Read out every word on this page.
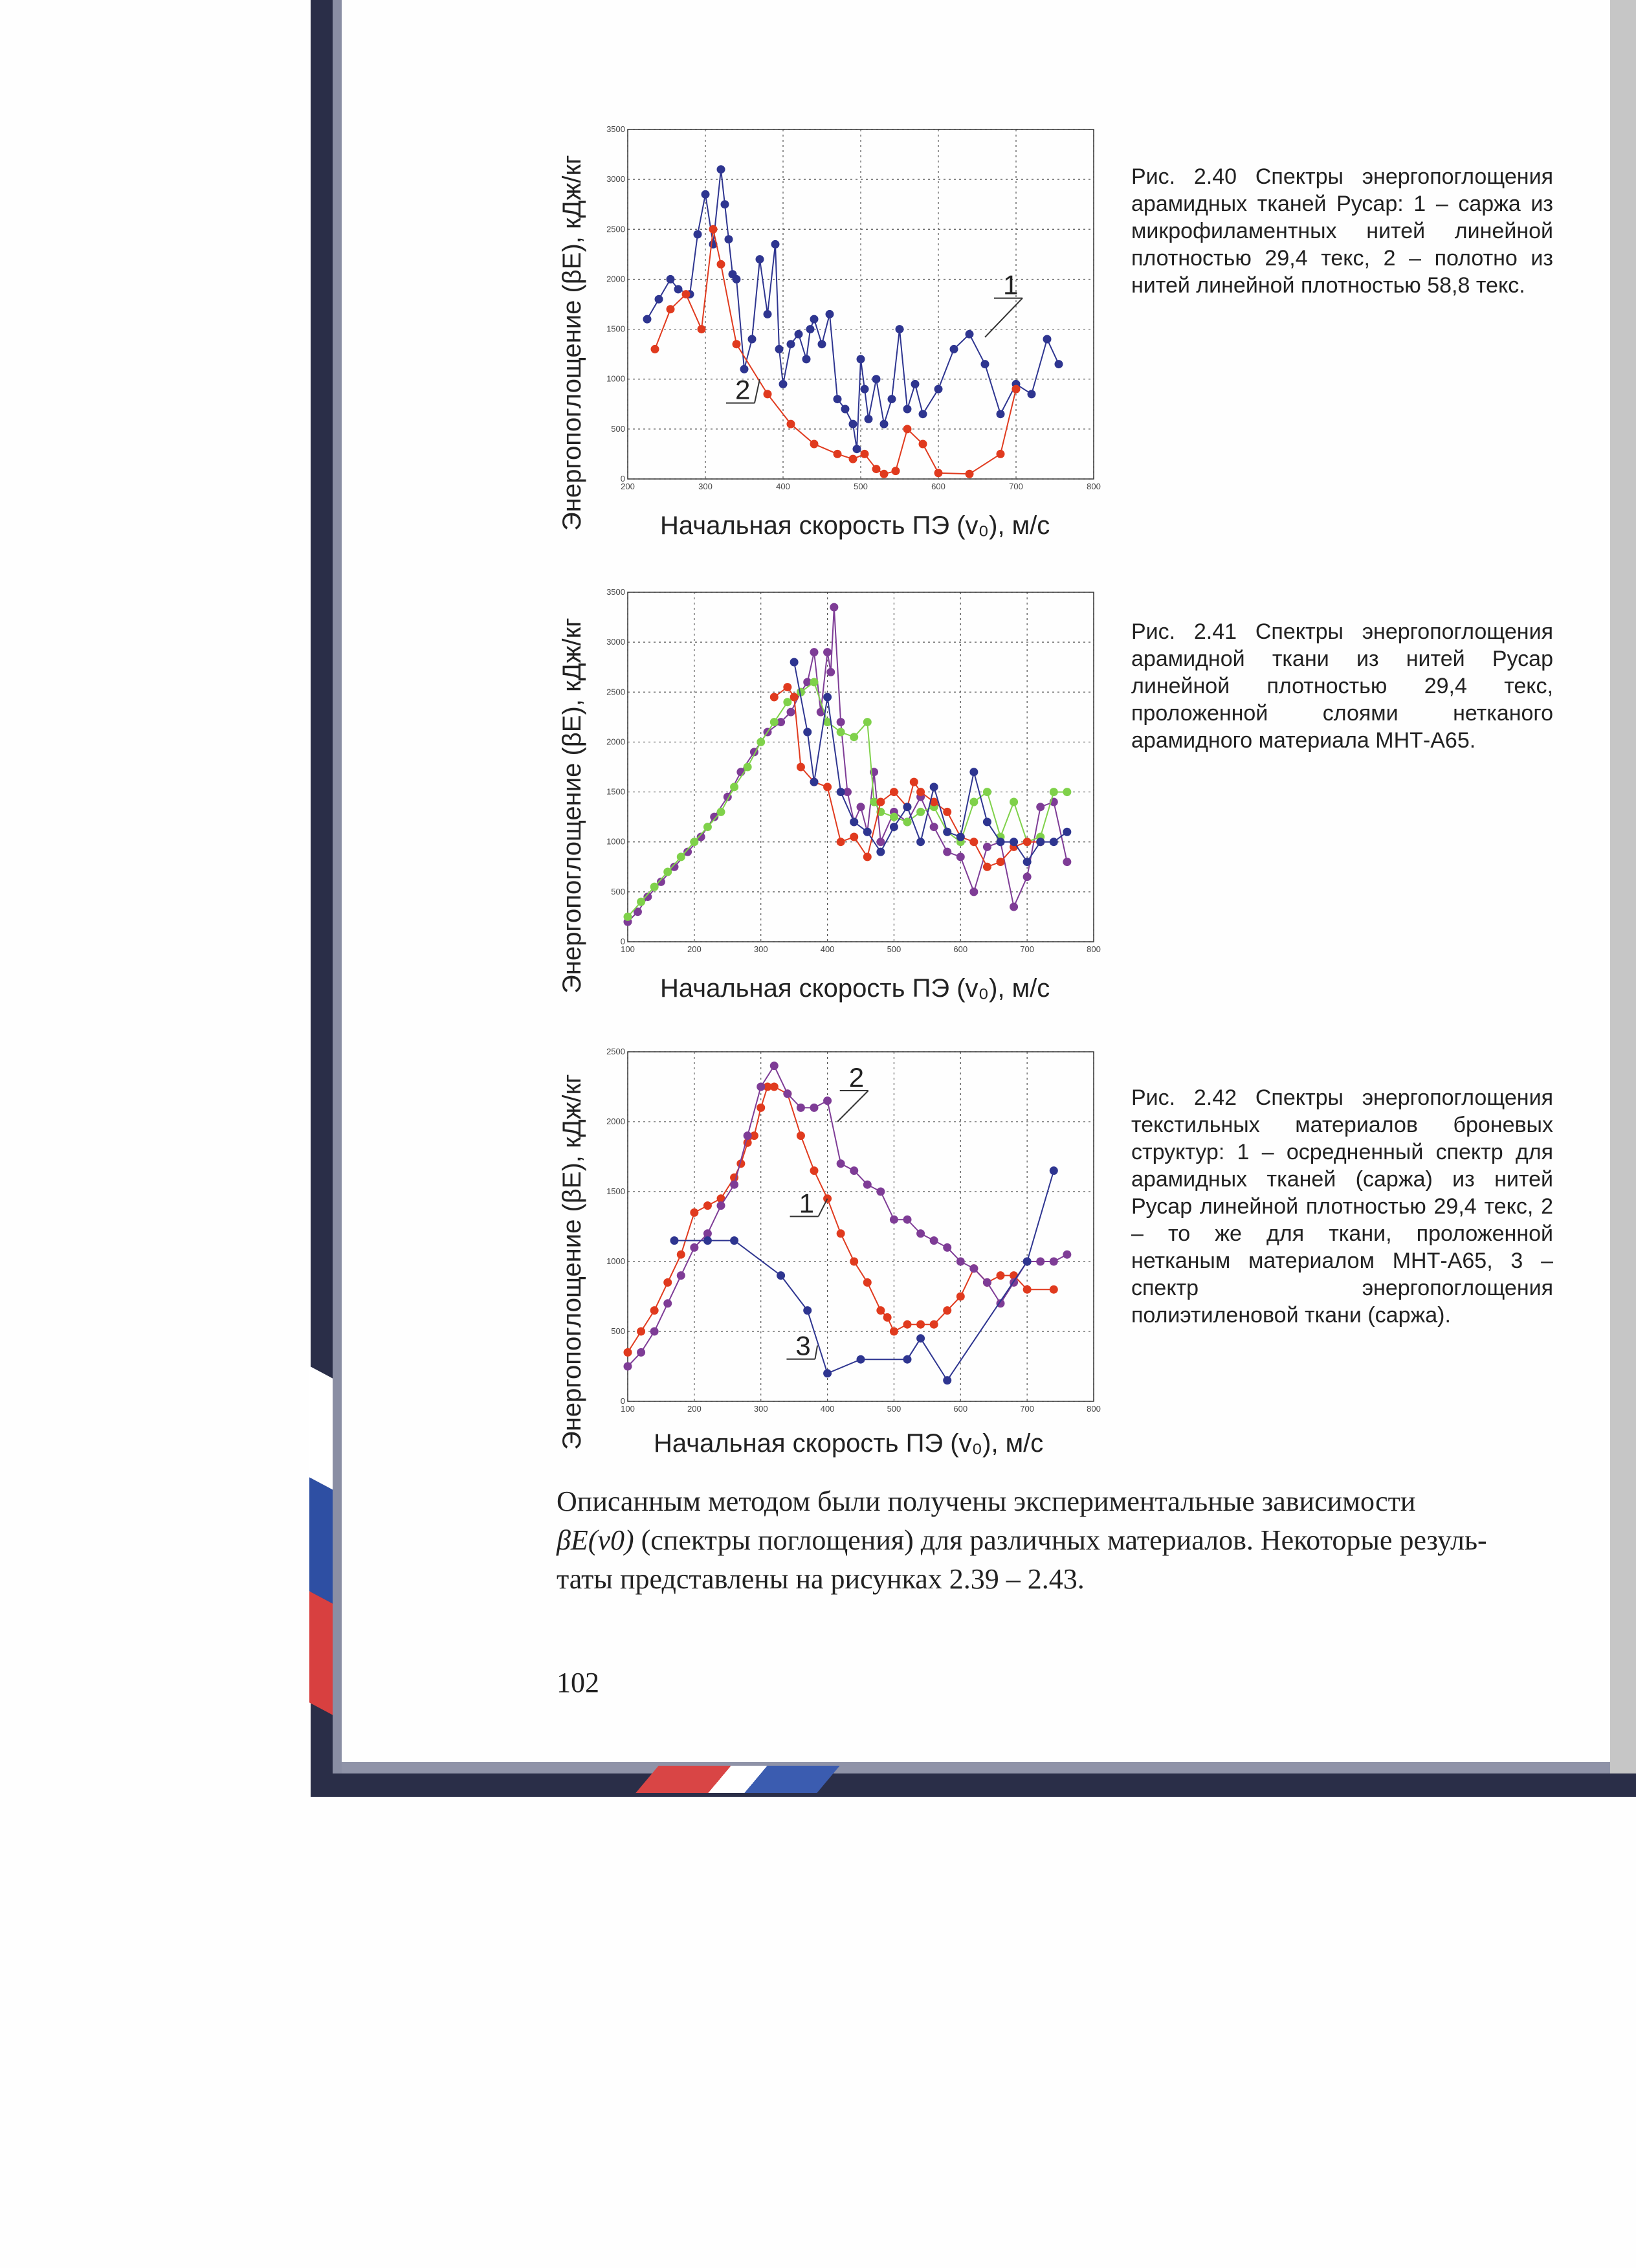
200	300	400	500	600	700	800
0
500
1000
1500
2000
2500
3000
3500
1
2
Энергопоглощение (βE), кДж/кг	Начальная скорость ПЭ (v₀), м/с
Рис. 2.40 Спектры энергопоглощения арамидных тканей Русар: 1 – саржа из микрофиламентных нитей линейной плотностью 29,4 текс, 2 – полотно из нитей линейной плотностью 58,8 текс.
100	200	300	400	500	600	700	800
0
500
1000
1500
2000
2500
3000
3500
Энергопоглощение (βE), кДж/кг	Начальная скорость ПЭ (v₀), м/с
Рис. 2.41 Спектры энергопоглощения арамидной ткани из нитей Русар линейной плотностью 29,4 текс, проложенной слоями нетканого арамидного материала МНТ-А65.
100	200	300	400	500	600	700	800
0
500
1000
1500
2000
2500
2
1
3
Энергопоглощение (βE), кДж/кг	Начальная скорость ПЭ (v₀), м/с
Рис. 2.42 Спектры энергопоглощения текстильных материалов броневых структур: 1 – осредненный спектр для арамидных тканей (саржа) из нитей Русар линейной плотностью 29,4 текс, 2 – то же для ткани, проложенной нетканым материалом МНТ-А65, 3 – спектр энергопоглощения полиэтиленовой ткани (саржа).
Описанным методом были получены экспериментальные зависимости
βE(v0) (спектры поглощения) для различных материалов. Некоторые резуль-
таты представлены на рисунках 2.39 – 2.43.
102
